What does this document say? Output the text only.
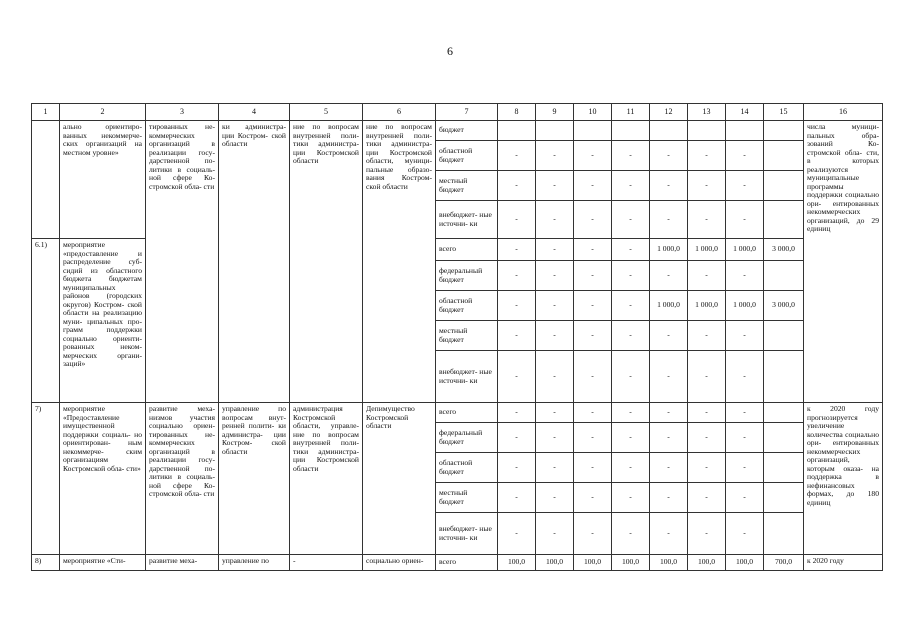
6
1	2	3	4	5	6	7	8	9	10	11	12	13	14	15	16
	ально ориентиро- ванных некоммерче- ских организаций на местном уровне»	тированных не- коммерческих организаций в реализации госу- дарственной по- литики в социаль- ной сфере Ко- стромской обла- сти	ки администра- ции Костром- ской области	ние по вопросам внутренней поли- тики администра- ции Костромской области	ние по вопросам внутренней поли- тики администра- ции Костромской области, муници- пальные образо- вания Костром- ской области	бюджет									числа муници- пальных обра- зований Ко- стромской обла- сти, в которых реализуются муниципальные программы поддержки социально ори- ентированных некоммерческих организаций, до 29 единиц
						областной бюджет	-	-	-	-	-	-	-		
						местный бюджет	-	-	-	-	-	-	-		
						внебюджет- ные источни- ки	-	-	-	-	-	-	-		
6.1)	мероприятие «предоставление и распределение суб- сидий из областного бюджета бюджетам муниципальных районов (городских округов) Костром- ской области на реализацию муни- ципальных про- грамм поддержки социально ориенти- рованных неком- мерческих органи- заций»					всего	-	-	-	-	1 000,0	1 000,0	1 000,0	3 000,0	
						федеральный бюджет	-	-	-	-	-	-	-		
						областной бюджет	-	-	-	-	1 000,0	1 000,0	1 000,0	3 000,0	
						местный бюджет	-	-	-	-	-	-	-		
						внебюджет- ные источни- ки	-	-	-	-	-	-	-		
7)	мероприятие «Предоставление имущественной поддержки социаль- но ориентирован- ным некоммерче- ским организациям Костромской обла- сти»	развитие меха- низмов участия социально ориен- тированных не- коммерческих организаций в реализации госу- дарственной по- литики в социаль- ной сфере Ко- стромской обла- сти	управление по вопросам внут- ренней полити- ки администра- ции Костром- ской области	администрация Костромской области, управле- ние по вопросам внутренней поли- тики администра- ции Костромской области	Депимущество Костромской области	всего	-	-	-	-	-	-	-		к 2020 году прогнозируется увеличение количества социально ори- ентированных некоммерческих организаций, которым оказа- на поддержка в нефинансовых формах, до 180 единиц
						федеральный бюджет	-	-	-	-	-	-	-		
						областной бюджет	-	-	-	-	-	-	-		
						местный бюджет	-	-	-	-	-	-	-		
						внебюджет- ные источни- ки	-	-	-	-	-	-	-		
8)	мероприятие «Сти-	развитие меха-	управление по	-	социально ориен-	всего	100,0	100,0	100,0	100,0	100,0	100,0	100,0	700,0	к 2020 году
